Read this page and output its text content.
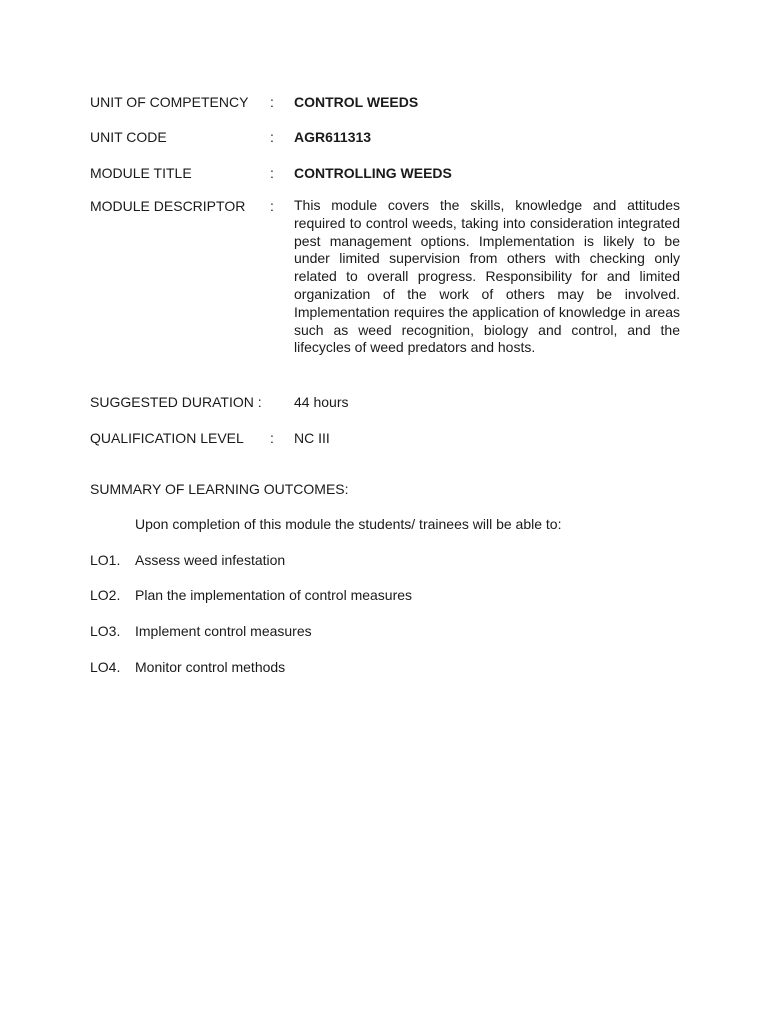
UNIT OF COMPETENCY	:	CONTROL WEEDS
UNIT CODE	:	AGR611313
MODULE TITLE	:	CONTROLLING WEEDS
MODULE DESCRIPTOR	:	This module covers the skills, knowledge and attitudes required to control weeds, taking into consideration integrated pest management options. Implementation is likely to be under limited supervision from others with checking only related to overall progress. Responsibility for and limited organization of the work of others may be involved. Implementation requires the application of knowledge in areas such as weed recognition, biology and control, and the lifecycles of weed predators and hosts.
SUGGESTED DURATION :	44 hours
QUALIFICATION LEVEL	:	NC III
SUMMARY OF LEARNING OUTCOMES:
Upon completion of this module the students/ trainees will be able to:
LO1.	Assess weed infestation
LO2.	Plan the implementation of control measures
LO3.	Implement control measures
LO4.	Monitor control methods
